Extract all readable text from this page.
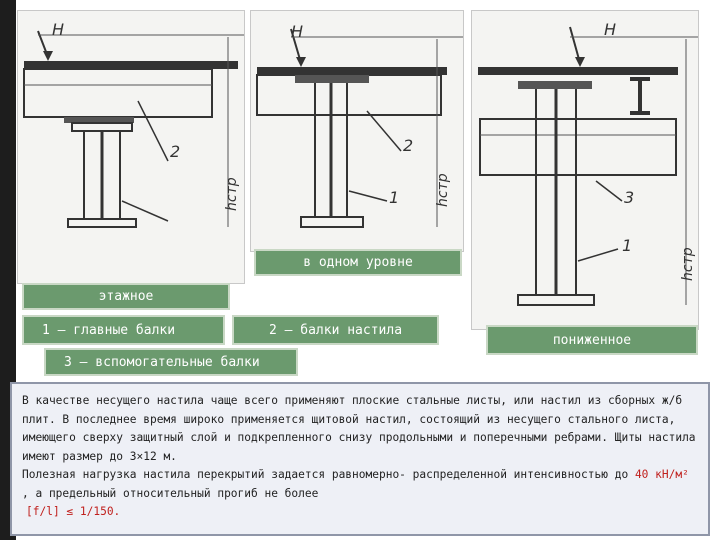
H
2
hстр
H
2
1	hстр
H
3
1
hстр
в одном уровне
этажное
1 – главные балки	2 – балки настила
пониженное
3 – вспомогательные балки

В качестве несущего настила чаще всего применяют плоские стальные листы, или настил из сборных ж/б плит. В последнее время широко применяется щитовой настил, состоящий из несущего стального листа, имеющего сверху защитный слой и подкрепленного снизу продольными и поперечными ребрами. Щиты настила имеют размер до 3×12 м.

Полезная нагрузка настила перекрытий задается равномерно- распределенной интенсивностью до 40 кН/м²

, а предельный относительный прогиб не более

[f/l] ≤ 1/150.
